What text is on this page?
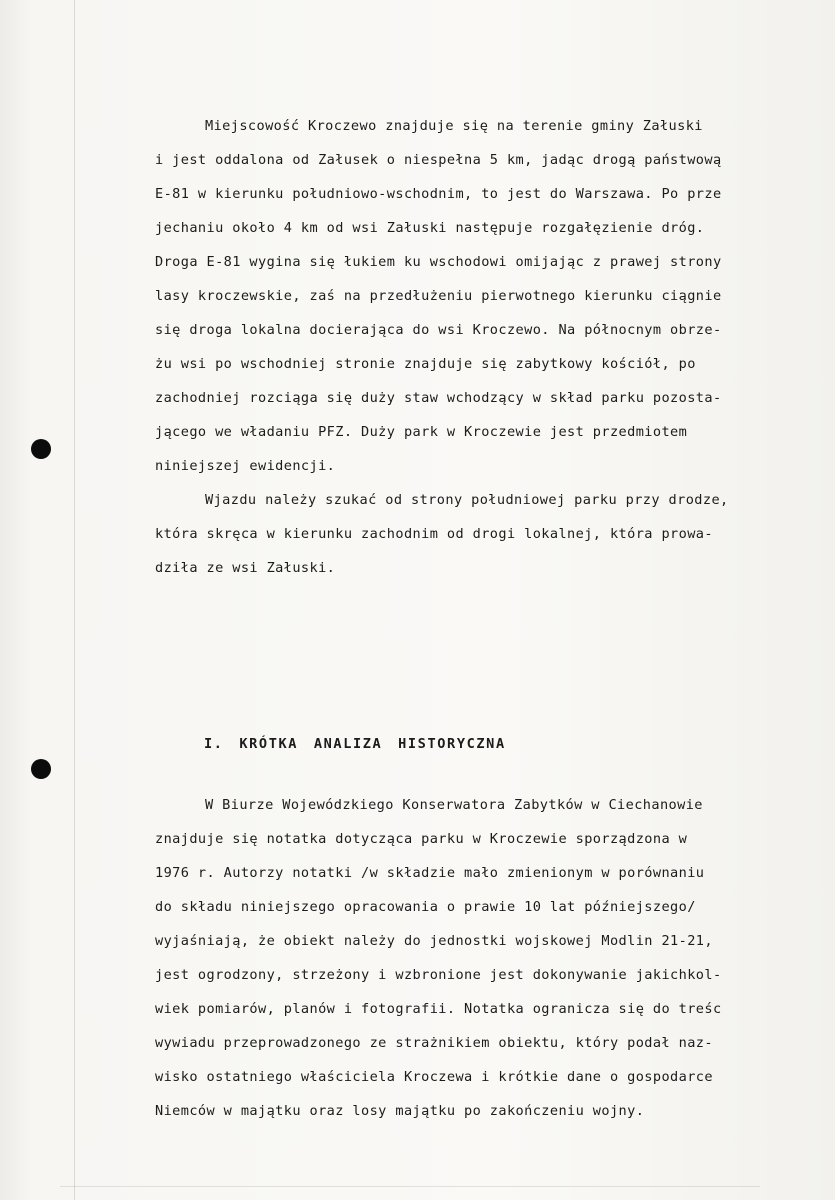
Miejscowość Kroczewo znajduje się na terenie gminy Załuski
i jest oddalona od Załusek o niespełna 5 km, jadąc drogą państwową
E-81 w kierunku południowo-wschodnim, to jest do Warszawa. Po prze
jechaniu około 4 km od wsi Załuski następuje rozgałęzienie dróg.
Droga E-81 wygina się łukiem ku wschodowi omijając z prawej strony
lasy kroczewskie, zaś na przedłużeniu pierwotnego kierunku ciągnie
się droga lokalna docierająca do wsi Kroczewo. Na północnym obrze-
żu wsi po wschodniej stronie znajduje się zabytkowy kościół, po
zachodniej rozciąga się duży staw wchodzący w skład parku pozosta-
jącego we władaniu PFZ. Duży park w Kroczewie jest przedmiotem
niniejszej ewidencji.
Wjazdu należy szukać od strony południowej parku przy drodze,
która skręca w kierunku zachodnim od drogi lokalnej, która prowa-
dziła ze wsi Załuski.
I. KRÓTKA ANALIZA HISTORYCZNA
W Biurze Wojewódzkiego Konserwatora Zabytków w Ciechanowie
znajduje się notatka dotycząca parku w Kroczewie sporządzona w
1976 r. Autorzy notatki /w składzie mało zmienionym w porównaniu
do składu niniejszego opracowania o prawie 10 lat późniejszego/
wyjaśniają, że obiekt należy do jednostki wojskowej Modlin 21-21,
jest ogrodzony, strzeżony i wzbronione jest dokonywanie jakichkol-
wiek pomiarów, planów i fotografii. Notatka ogranicza się do treśc
wywiadu przeprowadzonego ze strażnikiem obiektu, który podał naz-
wisko ostatniego właściciela Kroczewa i krótkie dane o gospodarce
Niemców w majątku oraz losy majątku po zakończeniu wojny.
